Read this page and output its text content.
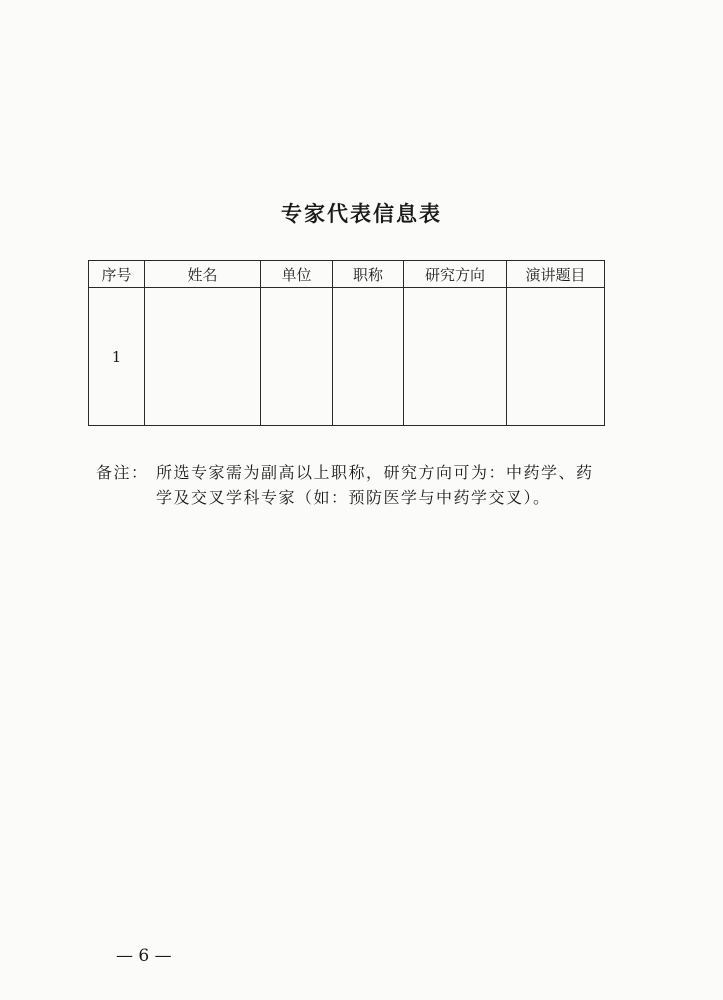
专家代表信息表
序号	姓名	单位	职称	研究方向	演讲题目
1					
备注： 所选专家需为副高以上职称，研究方向可为：中药学、药学及交叉学科专家（如：预防医学与中药学交叉）。
— 6 —
